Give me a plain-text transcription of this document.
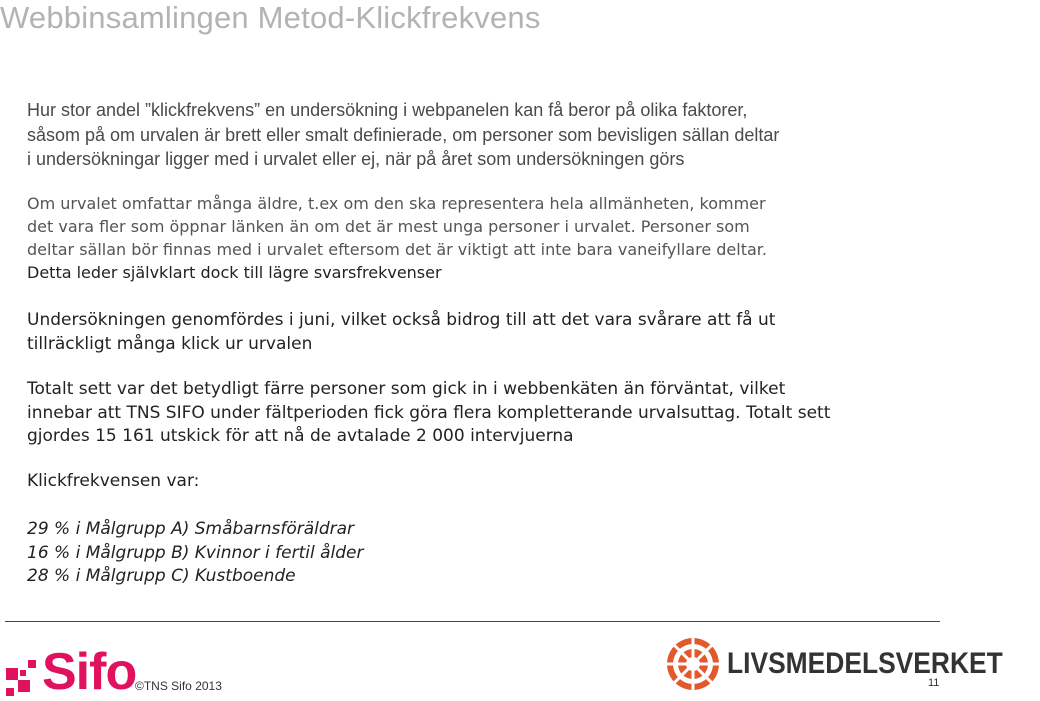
Webbinsamlingen Metod-Klickfrekvens
Hur stor andel ”klickfrekvens” en undersökning i webpanelen kan få beror på olika faktorer,
såsom på om urvalen är brett eller smalt definierade, om personer som bevisligen sällan deltar
i undersökningar ligger med i urvalet eller ej, när på året som undersökningen görs
Om urvalet omfattar många äldre, t.ex om den ska representera hela allmänheten, kommer
det vara fler som öppnar länken än om det är mest unga personer i urvalet. Personer som
deltar sällan bör finnas med i urvalet eftersom det är viktigt att inte bara vaneifyllare deltar.
Detta leder självklart dock till lägre svarsfrekvenser
Undersökningen genomfördes i juni, vilket också bidrog till att det vara svårare att få ut
tillräckligt många klick ur urvalen
Totalt sett var det betydligt färre personer som gick in i webbenkäten än förväntat, vilket
innebar att TNS SIFO under fältperioden fick göra flera kompletterande urvalsuttag. Totalt sett
gjordes 15 161 utskick för att nå de avtalade 2 000 intervjuerna
Klickfrekvensen var:
29 % i Målgrupp A) Småbarnsföräldrar
16 % i Målgrupp B) Kvinnor i fertil ålder
28 % i Målgrupp C) Kustboende
Sifo
©TNS Sifo 2013
LIVSMEDELSVERKET
11
